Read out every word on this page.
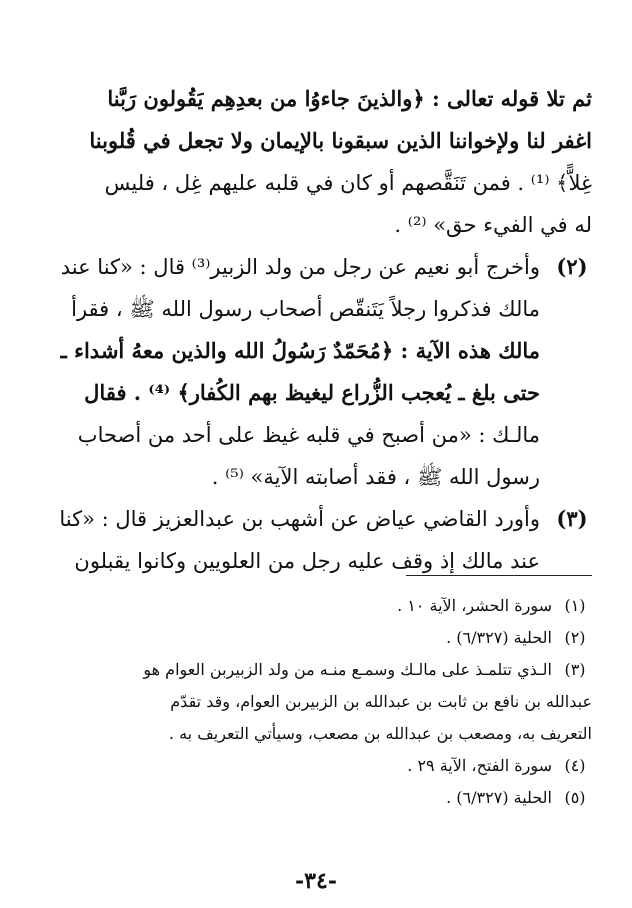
ثم تلا قوله تعالى : ﴿والذينَ جاءوُا من بعدِهِم يَقُولون رَبَّنا
اغفر لنا ولإخواننا الذين سبقونا بالإيمان ولا تجعل في قُلوبنا
غِلاًّ﴾ ⁽¹⁾ . فمن تَنَقَّصهم أو كان في قلبه عليهم غِل ، فليس
له في الفيء حق» ⁽²⁾ .
(٢)
وأخرج أبو نعيم عن رجل من ولد الزبير⁽³⁾ قال : «كنا عند
مالك فذكروا رجلاً يَتَنقّص أصحاب رسول الله ﷺ ، فقرأ
مالك هذه الآية : ﴿مُحَمّدٌ رَسُولُ الله والذين معهُ أشداء ـ
حتى بلغ ـ يُعجب الزُّراع ليغيظ بهم الكُفار﴾ ⁽⁴⁾ . فقال
مالـك : «من أصبح في قلبه غيظ على أحد من أصحاب
رسول الله ﷺ ، فقد أصابته الآية» ⁽⁵⁾ .
(٣)
وأورد القاضي عياض عن أشهب بن عبدالعزيز قال : «كنا
عند مالك إذ وقف عليه رجل من العلويين وكانوا يقبلون
(١)
سورة الحشر، الآية ١٠ .
(٢)
الحلية (٦/٣٢٧) .
(٣)
الـذي تتلمـذ على مالـك وسمـع منـه من ولد الزبيربن العوام هو
عبدالله بن نافع بن ثابت بن عبدالله بن الزبيربن العوام، وقد تقدّم
التعريف به، ومصعب بن عبدالله بن مصعب، وسيأتي التعريف به .
(٤)
سورة الفتح، الآية ٢٩ .
(٥)
الحلية (٦/٣٢٧) .
-٣٤-
